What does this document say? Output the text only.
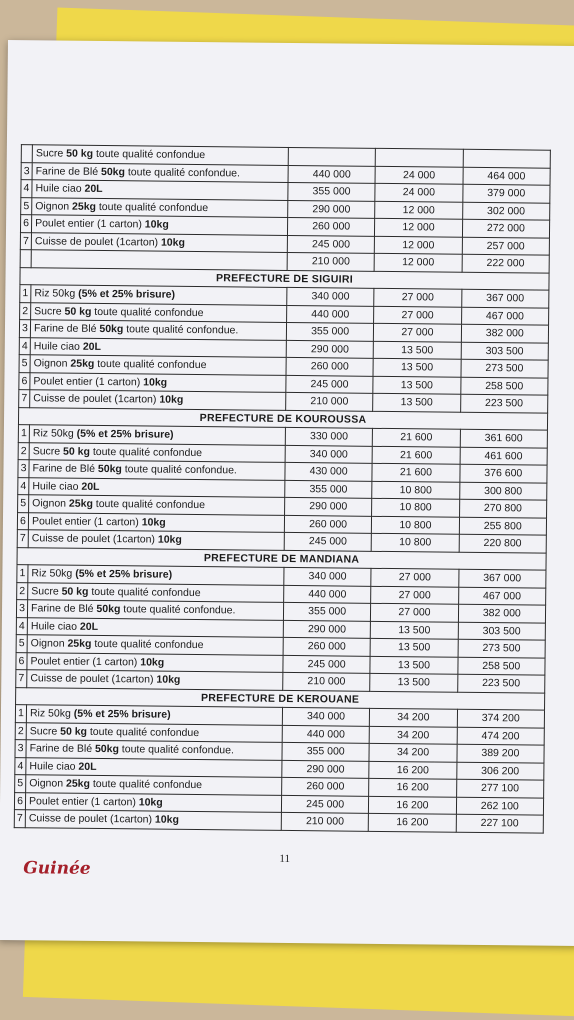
	Sucre 50 kg toute qualité confondue			
3	Farine de Blé 50kg toute qualité confondue.	440 000	24 000	464 000
4	Huile ciao 20L	355 000	24 000	379 000
5	Oignon 25kg toute qualité confondue	290 000	12 000	302 000
6	Poulet entier (1 carton) 10kg	260 000	12 000	272 000
7	Cuisse de poulet (1carton) 10kg	245 000	12 000	257 000
		210 000	12 000	222 000
PREFECTURE DE SIGUIRI				
1	Riz 50kg (5% et 25% brisure)	340 000	27 000	367 000
2	Sucre 50 kg toute qualité confondue	440 000	27 000	467 000
3	Farine de Blé 50kg toute qualité confondue.	355 000	27 000	382 000
4	Huile ciao 20L	290 000	13 500	303 500
5	Oignon 25kg toute qualité confondue	260 000	13 500	273 500
6	Poulet entier (1 carton) 10kg	245 000	13 500	258 500
7	Cuisse de poulet (1carton) 10kg	210 000	13 500	223 500
PREFECTURE DE KOUROUSSA				
1	Riz 50kg (5% et 25% brisure)	330 000	21 600	361 600
2	Sucre 50 kg toute qualité confondue	340 000	21 600	461 600
3	Farine de Blé 50kg toute qualité confondue.	430 000	21 600	376 600
4	Huile ciao 20L	355 000	10 800	300 800
5	Oignon 25kg toute qualité confondue	290 000	10 800	270 800
6	Poulet entier (1 carton) 10kg	260 000	10 800	255 800
7	Cuisse de poulet (1carton) 10kg	245 000	10 800	220 800
PREFECTURE DE MANDIANA				
1	Riz 50kg (5% et 25% brisure)	340 000	27 000	367 000
2	Sucre 50 kg toute qualité confondue	440 000	27 000	467 000
3	Farine de Blé 50kg toute qualité confondue.	355 000	27 000	382 000
4	Huile ciao 20L	290 000	13 500	303 500
5	Oignon 25kg toute qualité confondue	260 000	13 500	273 500
6	Poulet entier (1 carton) 10kg	245 000	13 500	258 500
7	Cuisse de poulet (1carton) 10kg	210 000	13 500	223 500
PREFECTURE DE KEROUANE				
1	Riz 50kg (5% et 25% brisure)	340 000	34 200	374 200
2	Sucre 50 kg toute qualité confondue	440 000	34 200	474 200
3	Farine de Blé 50kg toute qualité confondue.	355 000	34 200	389 200
4	Huile ciao 20L	290 000	16 200	306 200
5	Oignon 25kg toute qualité confondue	260 000	16 200	277 100
6	Poulet entier (1 carton) 10kg	245 000	16 200	262 100
7	Cuisse de poulet (1carton) 10kg	210 000	16 200	227 100
11
Guinée
